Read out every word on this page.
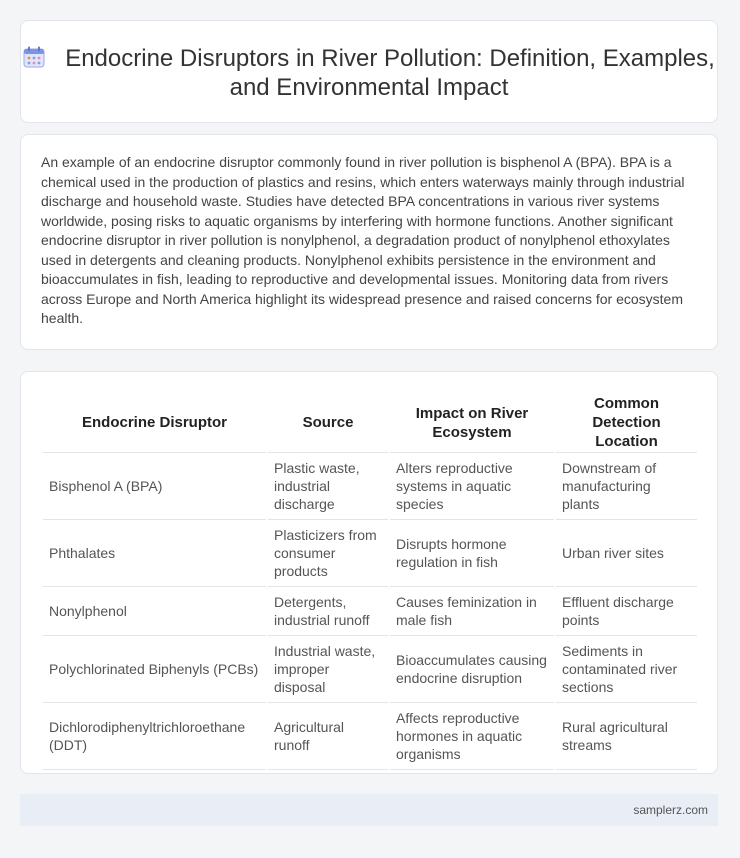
Endocrine Disruptors in River Pollution: Definition, Examples, and Environmental Impact

An example of an endocrine disruptor commonly found in river pollution is bisphenol A (BPA). BPA is a chemical used in the production of plastics and resins, which enters waterways mainly through industrial discharge and household waste. Studies have detected BPA concentrations in various river systems worldwide, posing risks to aquatic organisms by interfering with hormone functions. Another significant endocrine disruptor in river pollution is nonylphenol, a degradation product of nonylphenol ethoxylates used in detergents and cleaning products. Nonylphenol exhibits persistence in the environment and bioaccumulates in fish, leading to reproductive and developmental issues. Monitoring data from rivers across Europe and North America highlight its widespread presence and raised concerns for ecosystem health.

Endocrine Disruptor	Source	Impact on River Ecosystem	Common Detection Location
Bisphenol A (BPA)	Plastic waste, industrial discharge	Alters reproductive systems in aquatic species	Downstream of manufacturing plants
Phthalates	Plasticizers from consumer products	Disrupts hormone regulation in fish	Urban river sites
Nonylphenol	Detergents, industrial runoff	Causes feminization in male fish	Effluent discharge points
Polychlorinated Biphenyls (PCBs)	Industrial waste, improper disposal	Bioaccumulates causing endocrine disruption	Sediments in contaminated river sections
Dichlorodiphenyltrichloroethane (DDT)	Agricultural runoff	Affects reproductive hormones in aquatic organisms	Rural agricultural streams
samplerz.com
